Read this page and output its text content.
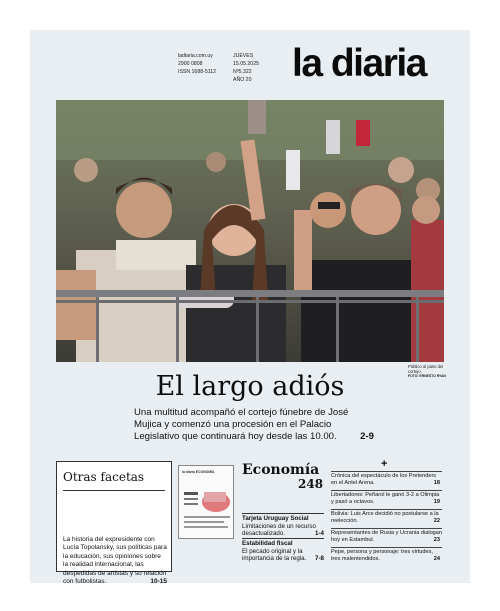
ladiaria.com.uy
2900 0808
ISSN 1688-5112
JUEVES
15.05.2025
Nº5.322
AÑO 20 la diaria
Público al paso del cortejo.
FOTO: ERNESTO RYAN
El largo adiós
Una multitud acompañó el cortejo fúnebre de José Mujica y comenzó una procesión en el Palacio Legislativo que continuará hoy desde las 10.00. 2-9
Otras facetas
La historia del expresidente con Lucía Topolansky, sus políticas para la educación, sus opiniones sobre la realidad internacional, las despedidas de artistas y su relación con futbolistas.	10-15
la diaria ECONOMÍA Economía
248
Tarjeta Uruguay Social
Limitaciones de un recurso desactualizado.	1-4
Estabilidad fiscal
El pecado original y la importancia de la regla. 7-8
+
Crónica del espectáculo de los Pretenders en el Antel Arena.	18
Libertadores: Peñarol le ganó 3-2 a Olimpia y pasó a octavos.	19
Bolivia: Luis Arce decidió no postularse a la reelección.	22
Representantes de Rusia y Ucrania dialogan hoy en Estambul.	23
Pepe, persona y personaje: tres virtudes, tres malentendidos.	24
